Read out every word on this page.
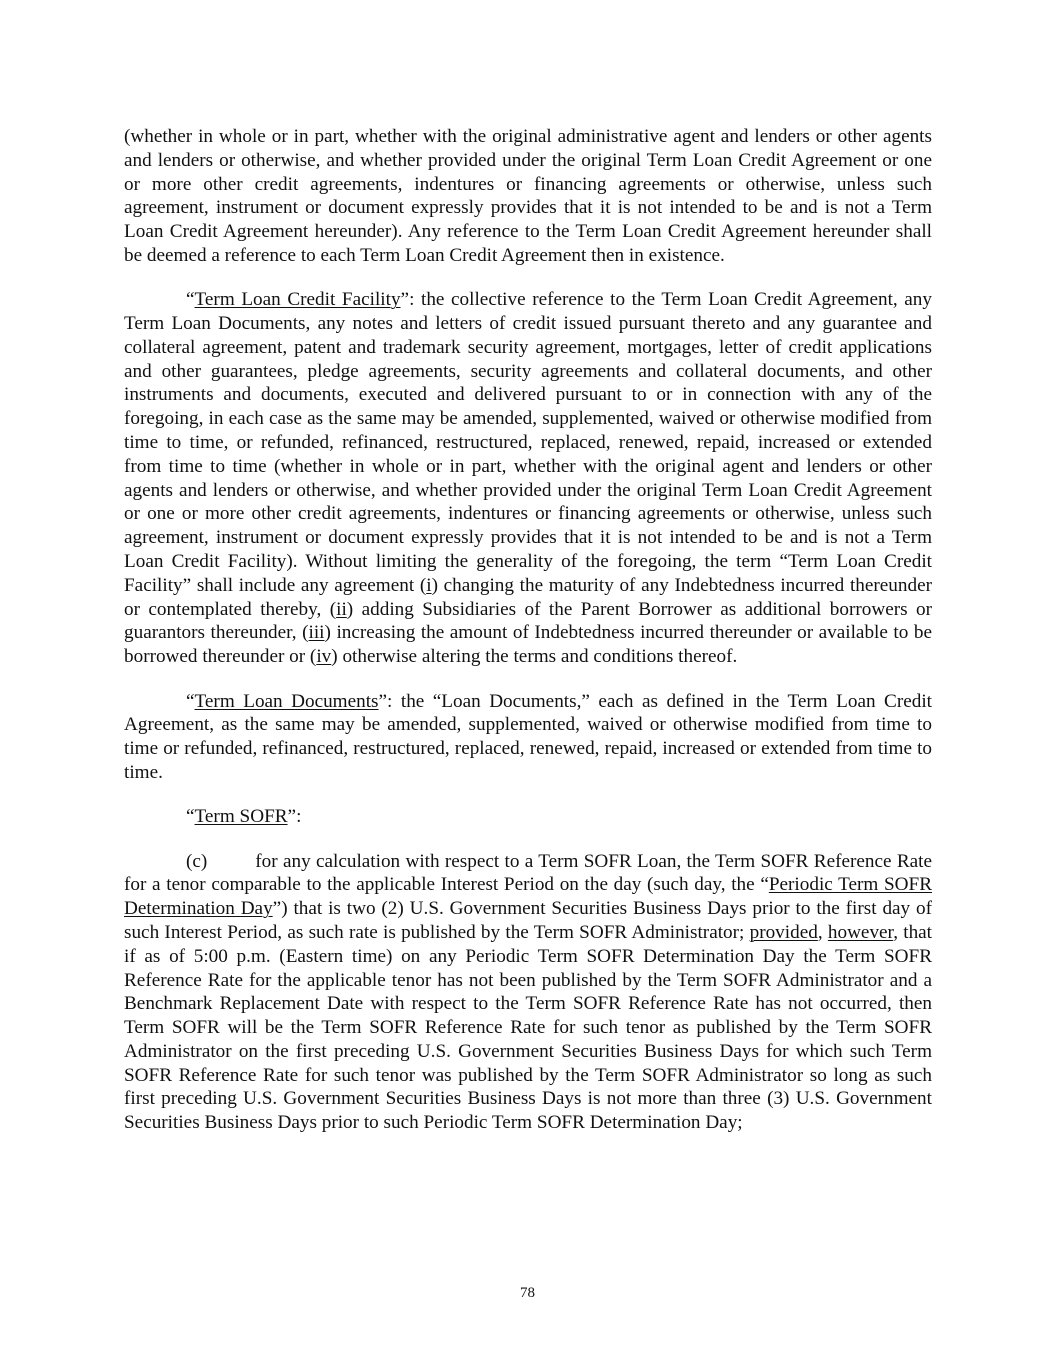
(whether in whole or in part, whether with the original administrative agent and lenders or other agents and lenders or otherwise, and whether provided under the original Term Loan Credit Agreement or one or more other credit agreements, indentures or financing agreements or otherwise, unless such agreement, instrument or document expressly provides that it is not intended to be and is not a Term Loan Credit Agreement hereunder). Any reference to the Term Loan Credit Agreement hereunder shall be deemed a reference to each Term Loan Credit Agreement then in existence.

“Term Loan Credit Facility”: the collective reference to the Term Loan Credit Agreement, any Term Loan Documents, any notes and letters of credit issued pursuant thereto and any guarantee and collateral agreement, patent and trademark security agreement, mortgages, letter of credit applications and other guarantees, pledge agreements, security agreements and collateral documents, and other instruments and documents, executed and delivered pursuant to or in connection with any of the foregoing, in each case as the same may be amended, supplemented, waived or otherwise modified from time to time, or refunded, refinanced, restructured, replaced, renewed, repaid, increased or extended from time to time (whether in whole or in part, whether with the original agent and lenders or other agents and lenders or otherwise, and whether provided under the original Term Loan Credit Agreement or one or more other credit agreements, indentures or financing agreements or otherwise, unless such agreement, instrument or document expressly provides that it is not intended to be and is not a Term Loan Credit Facility). Without limiting the generality of the foregoing, the term “Term Loan Credit Facility” shall include any agreement (i) changing the maturity of any Indebtedness incurred thereunder or contemplated thereby, (ii) adding Subsidiaries of the Parent Borrower as additional borrowers or guarantors thereunder, (iii) increasing the amount of Indebtedness incurred thereunder or available to be borrowed thereunder or (iv) otherwise altering the terms and conditions thereof.

“Term Loan Documents”: the “Loan Documents,” each as defined in the Term Loan Credit Agreement, as the same may be amended, supplemented, waived or otherwise modified from time to time or refunded, refinanced, restructured, replaced, renewed, repaid, increased or extended from time to time.

“Term SOFR”:

(c)	for any calculation with respect to a Term SOFR Loan, the Term SOFR Reference Rate for a tenor comparable to the applicable Interest Period on the day (such day, the “Periodic Term SOFR Determination Day”) that is two (2) U.S. Government Securities Business Days prior to the first day of such Interest Period, as such rate is published by the Term SOFR Administrator; provided, however, that if as of 5:00 p.m. (Eastern time) on any Periodic Term SOFR Determination Day the Term SOFR Reference Rate for the applicable tenor has not been published by the Term SOFR Administrator and a Benchmark Replacement Date with respect to the Term SOFR Reference Rate has not occurred, then Term SOFR will be the Term SOFR Reference Rate for such tenor as published by the Term SOFR Administrator on the first preceding U.S. Government Securities Business Days for which such Term SOFR Reference Rate for such tenor was published by the Term SOFR Administrator so long as such first preceding U.S. Government Securities Business Days is not more than three (3) U.S. Government Securities Business Days prior to such Periodic Term SOFR Determination Day;

78
